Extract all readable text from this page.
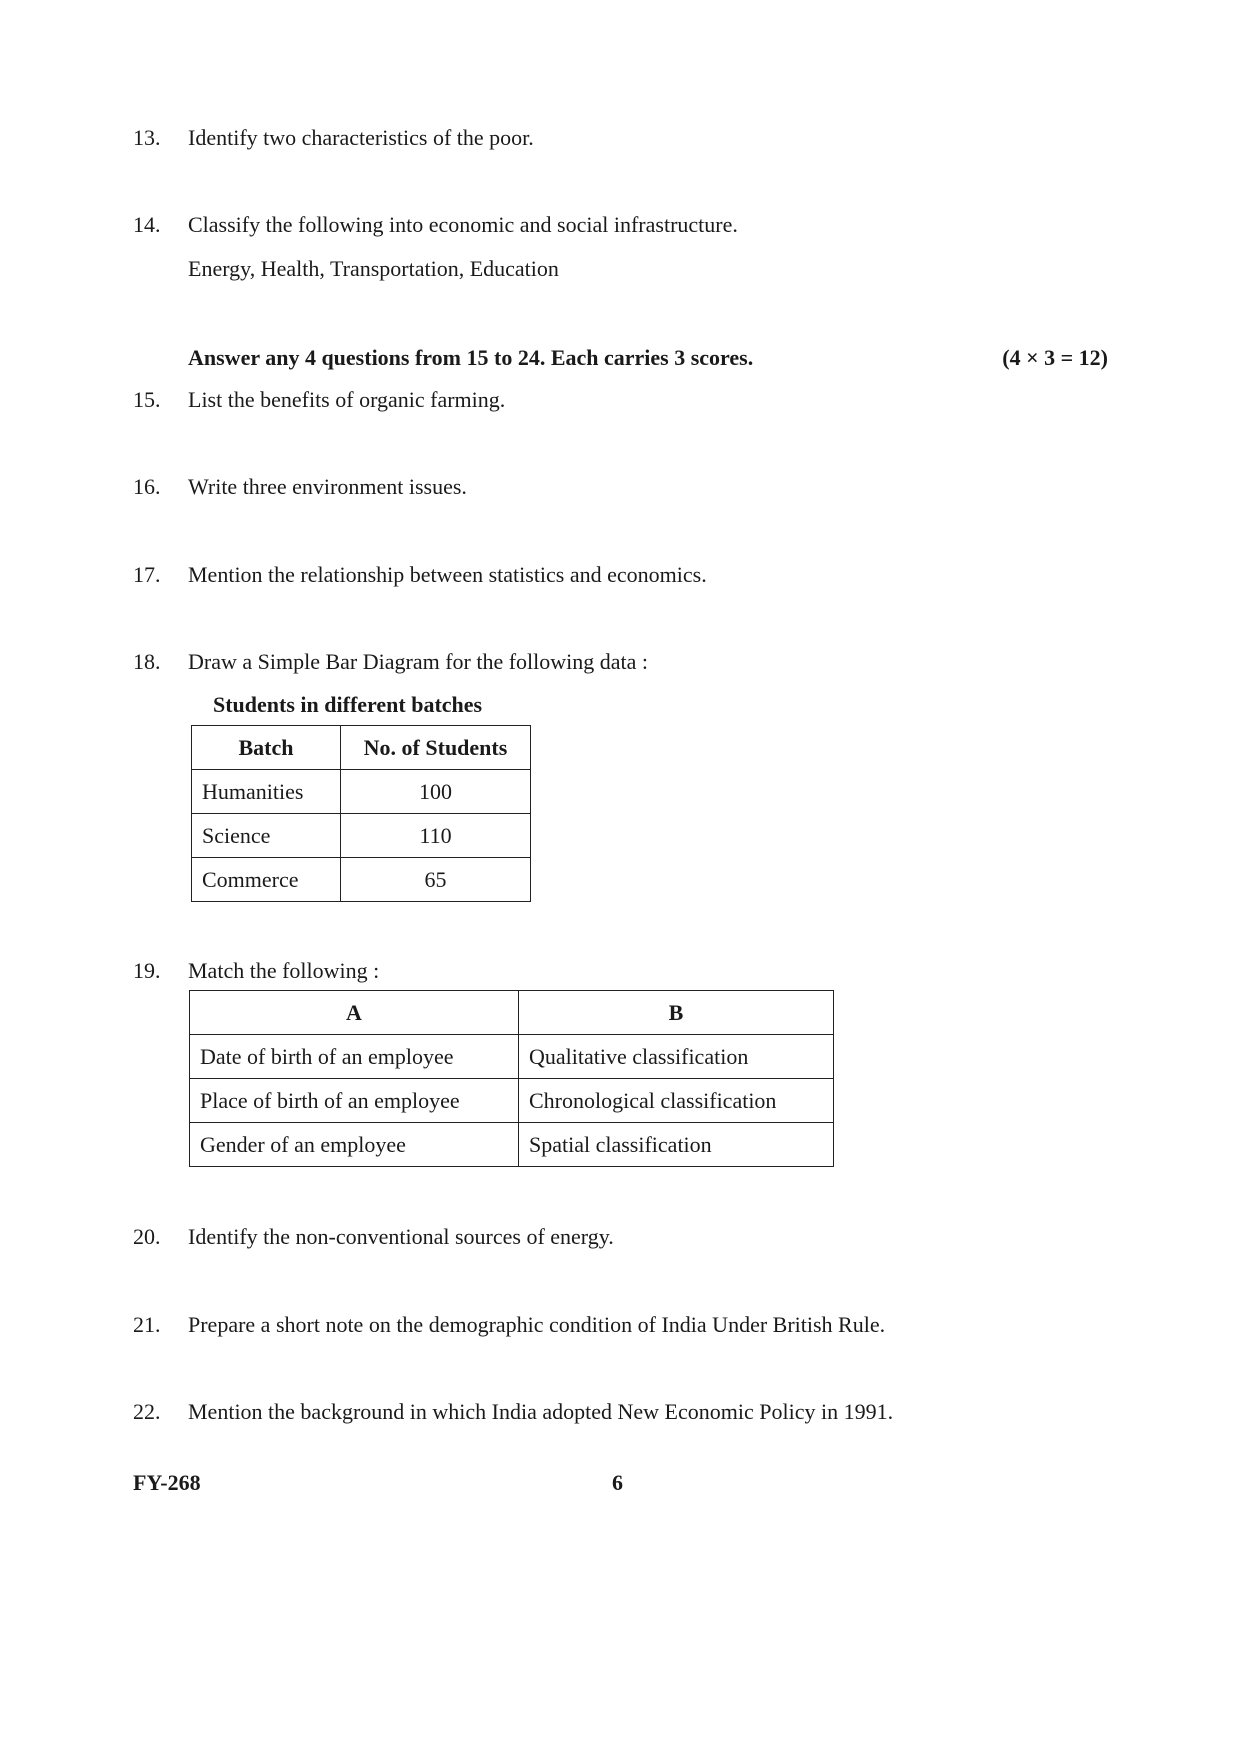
13. Identify two characteristics of the poor.
14. Classify the following into economic and social infrastructure.
Energy, Health, Transportation, Education
Answer any 4 questions from 15 to 24. Each carries 3 scores.	(4 × 3 = 12)
15. List the benefits of organic farming.
16. Write three environment issues.
17. Mention the relationship between statistics and economics.
18. Draw a Simple Bar Diagram for the following data :
Students in different batches
Batch	No. of Students
Humanities	100
Science	110
Commerce	65
19. Match the following :
A	B
Date of birth of an employee	Qualitative classification
Place of birth of an employee	Chronological classification
Gender of an employee	Spatial classification
20. Identify the non-conventional sources of energy.
21. Prepare a short note on the demographic condition of India Under British Rule.
22. Mention the background in which India adopted New Economic Policy in 1991.
FY-268	6
